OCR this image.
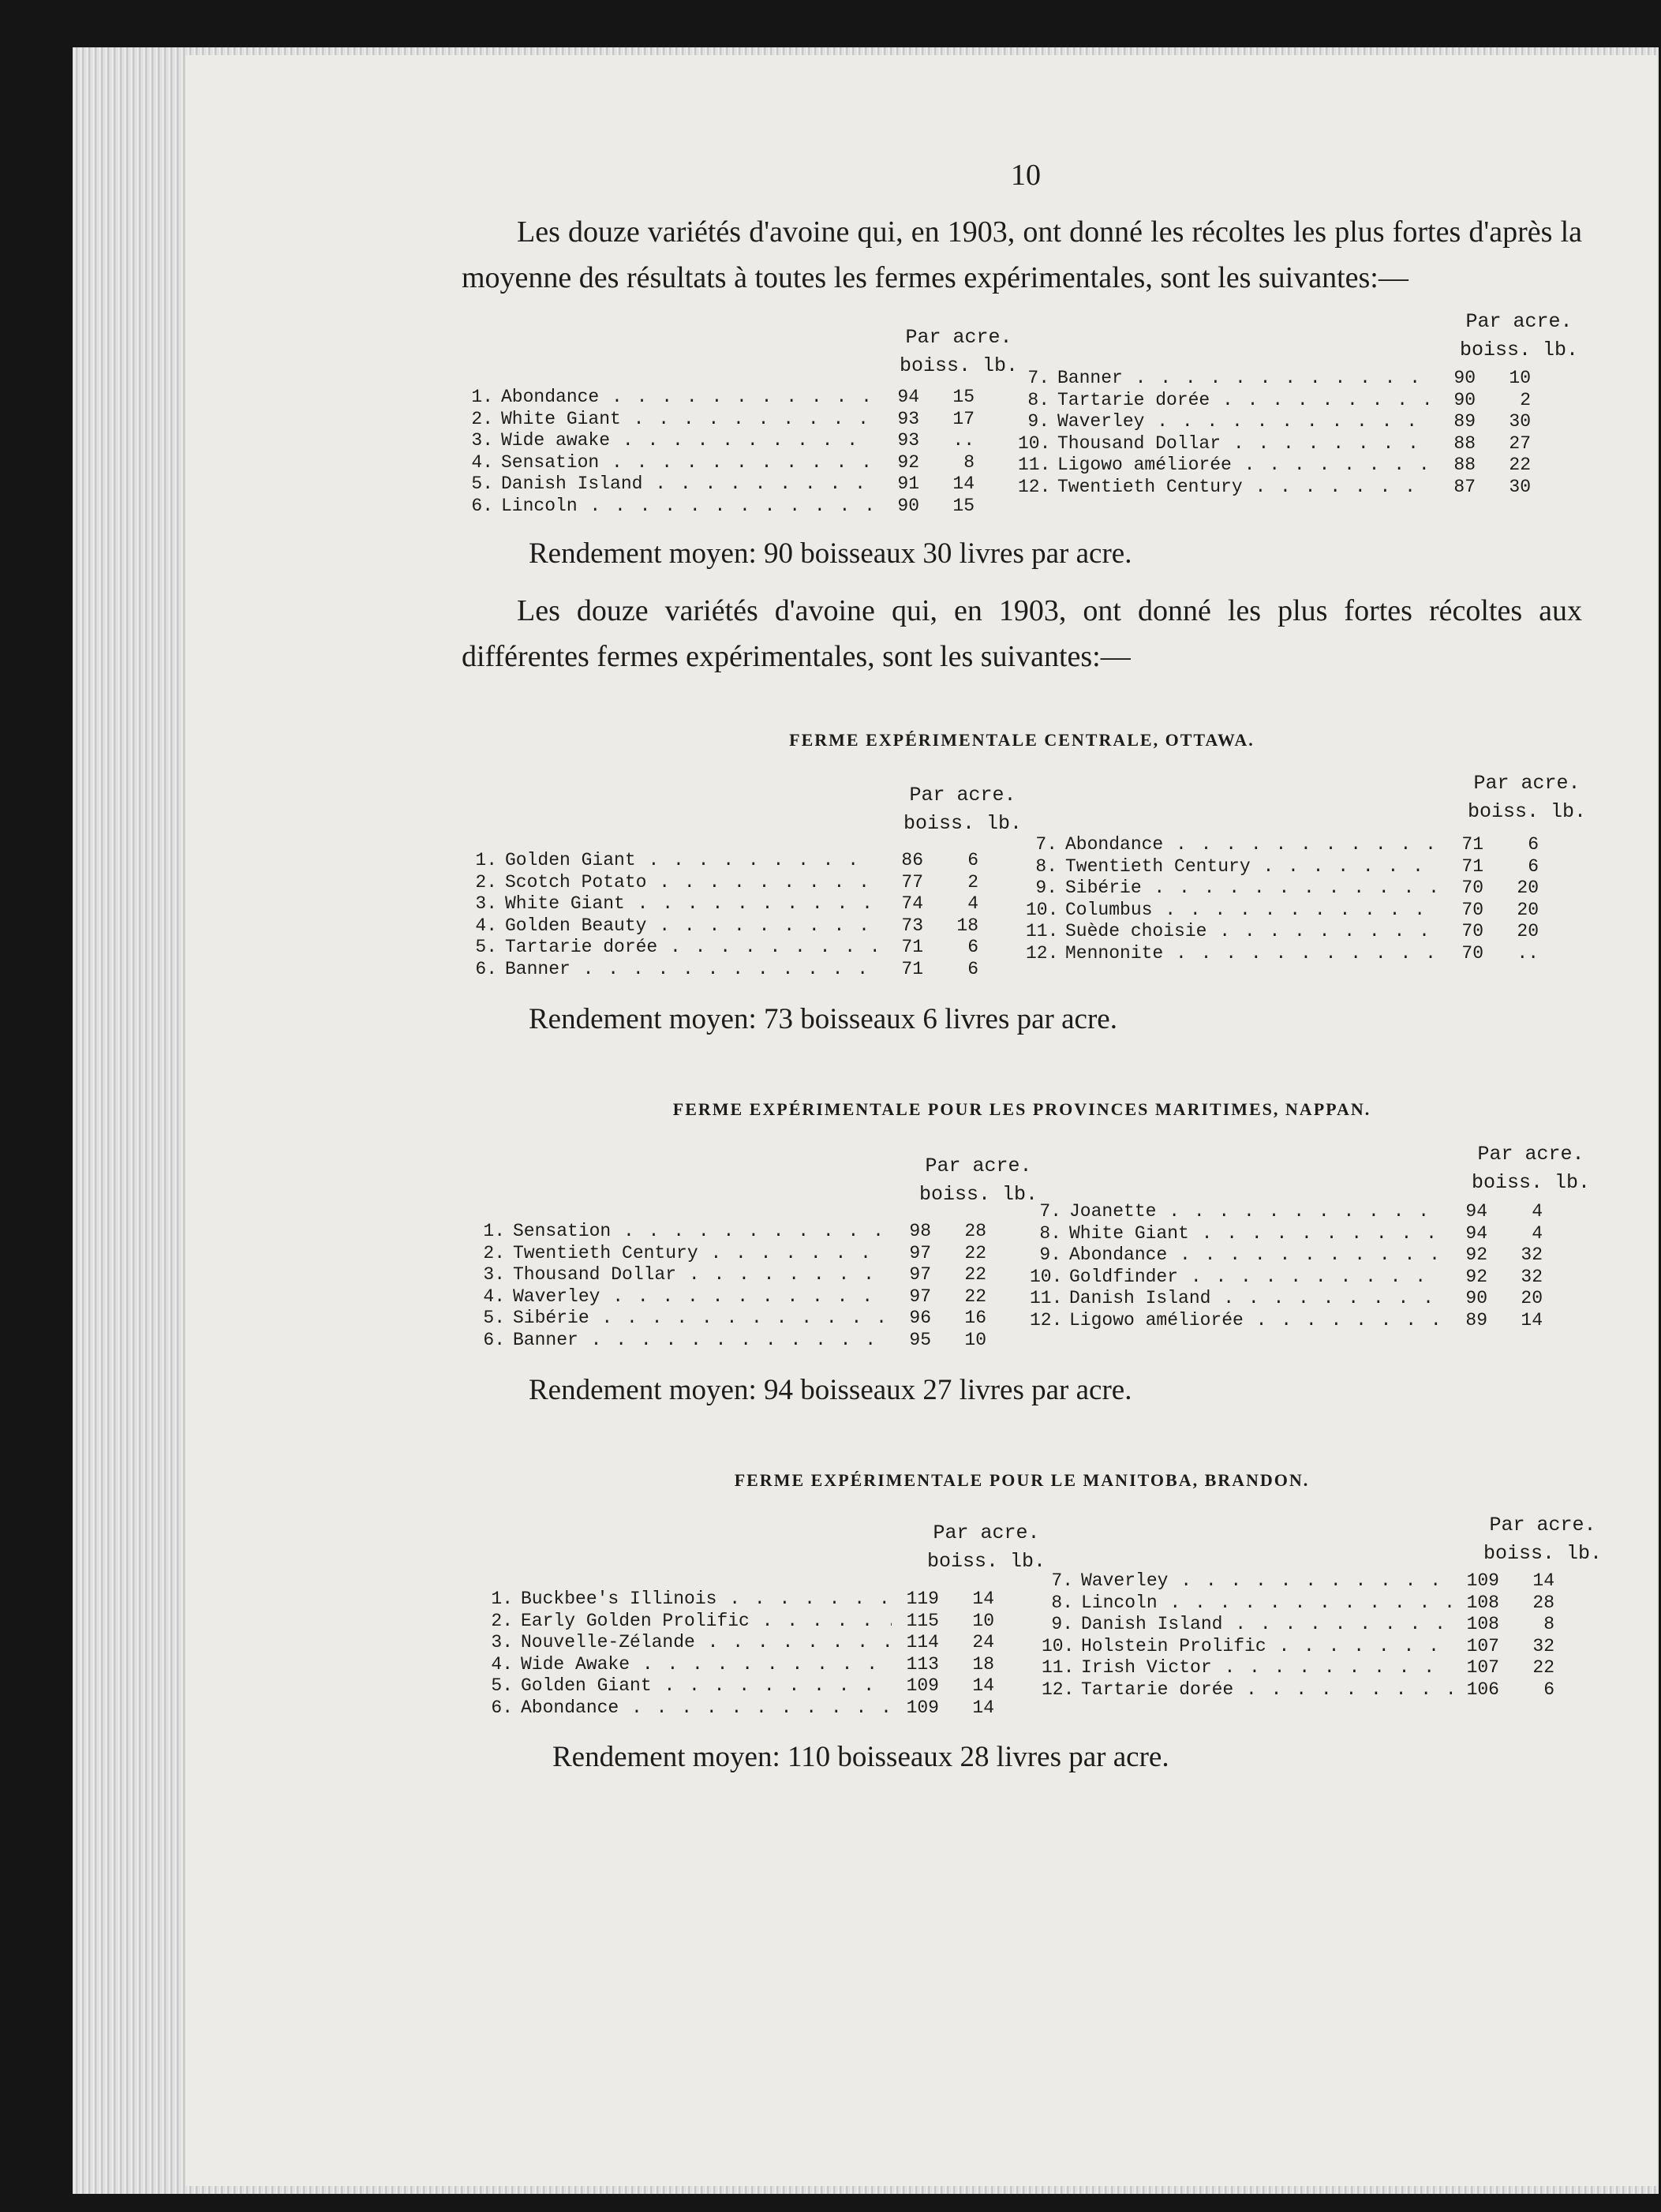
10
Les douze variétés d'avoine qui, en 1903, ont donné les récoltes les plus fortes d'après la moyenne des résultats à toutes les fermes expérimentales, sont les suivantes:—
Par acre.
boiss. lb.
Par acre.
boiss. lb.
1. Abondance . . .	94	15
2. White Giant . . .	93	17
3. Wide awake . . .	93	..
4. Sensation . . .	92	8
5. Danish Island . . .	91	14
6. Lincoln . . .	90	15
7. Banner . . .	90	10
8. Tartarie dorée . . .	90	2
9. Waverley . . .	89	30
10. Thousand Dollar . . .	88	27
11. Ligowo améliorée . . .	88	22
12. Twentieth Century . . .	87	30
Rendement moyen: 90 boisseaux 30 livres par acre.
Les douze variétés d'avoine qui, en 1903, ont donné les plus fortes récoltes aux différentes fermes expérimentales, sont les suivantes:—
FERME EXPÉRIMENTALE CENTRALE, OTTAWA.
Par acre.
boiss. lb.
Par acre.
boiss. lb.
1. Golden Giant . . .	86	6
2. Scotch Potato . . .	77	2
3. White Giant . . .	74	4
4. Golden Beauty . . .	73	18
5. Tartarie dorée . . .	71	6
6. Banner . . .	71	6
7. Abondance . . .	71	6
8. Twentieth Century . . .	71	6
9. Sibérie . . .	70	20
10. Columbus . . .	70	20
11. Suède choisie . . .	70	20
12. Mennonite . . .	70	..
Rendement moyen: 73 boisseaux 6 livres par acre.
FERME EXPÉRIMENTALE POUR LES PROVINCES MARITIMES, NAPPAN.
Par acre.
boiss. lb.
Par acre.
boiss. lb.
1. Sensation . . .	98	28
2. Twentieth Century . . .	97	22
3. Thousand Dollar . . .	97	22
4. Waverley . . .	97	22
5. Sibérie . . .	96	16
6. Banner . . .	95	10
7. Joanette . . .	94	4
8. White Giant . . .	94	4
9. Abondance . . .	92	32
10. Goldfinder . . .	92	32
11. Danish Island . . .	90	20
12. Ligowo améliorée . . .	89	14
Rendement moyen: 94 boisseaux 27 livres par acre.
FERME EXPÉRIMENTALE POUR LE MANITOBA, BRANDON.
Par acre.
boiss. lb.
Par acre.
boiss. lb.
1. Buckbee's Illinois . . .	119	14
2. Early Golden Prolific . . .	115	10
3. Nouvelle-Zélande . . .	114	24
4. Wide Awake . . .	113	18
5. Golden Giant . . .	109	14
6. Abondance . . .	109	14
7. Waverley . . .	109	14
8. Lincoln . . .	108	28
9. Danish Island . . .	108	8
10. Holstein Prolific . . .	107	32
11. Irish Victor . . .	107	22
12. Tartarie dorée . . .	106	6
Rendement moyen: 110 boisseaux 28 livres par acre.
